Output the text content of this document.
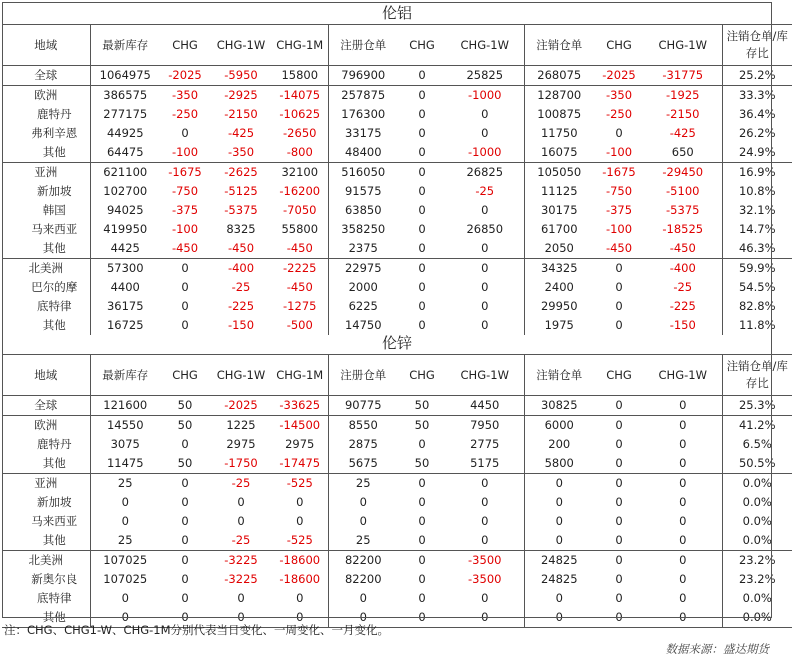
伦铝											
地域	最新库存	CHG	CHG-1W	CHG-1M	注册仓单	CHG	CHG-1W	注销仓单	CHG	CHG-1W	注销仓单/库存比
全球	1064975	-2025	-5950	15800	796900	0	25825	268075	-2025	-31775	25.2%
欧洲	386575	-350	-2925	-14075	257875	0	-1000	128700	-350	-1925	33.3%
鹿特丹	277175	-250	-2150	-10625	176300	0	0	100875	-250	-2150	36.4%
弗利辛恩	44925	0	-425	-2650	33175	0	0	11750	0	-425	26.2%
其他	64475	-100	-350	-800	48400	0	-1000	16075	-100	650	24.9%
亚洲	621100	-1675	-2625	32100	516050	0	26825	105050	-1675	-29450	16.9%
新加坡	102700	-750	-5125	-16200	91575	0	-25	11125	-750	-5100	10.8%
韩国	94025	-375	-5375	-7050	63850	0	0	30175	-375	-5375	32.1%
马来西亚	419950	-100	8325	55800	358250	0	26850	61700	-100	-18525	14.7%
其他	4425	-450	-450	-450	2375	0	0	2050	-450	-450	46.3%
北美洲	57300	0	-400	-2225	22975	0	0	34325	0	-400	59.9%
巴尔的摩	4400	0	-25	-450	2000	0	0	2400	0	-25	54.5%
底特律	36175	0	-225	-1275	6225	0	0	29950	0	-225	82.8%
其他	16725	0	-150	-500	14750	0	0	1975	0	-150	11.8%
伦锌											
地域	最新库存	CHG	CHG-1W	CHG-1M	注册仓单	CHG	CHG-1W	注销仓单	CHG	CHG-1W	注销仓单/库存比
全球	121600	50	-2025	-33625	90775	50	4450	30825	0	0	25.3%
欧洲	14550	50	1225	-14500	8550	50	7950	6000	0	0	41.2%
鹿特丹	3075	0	2975	2975	2875	0	2775	200	0	0	6.5%
其他	11475	50	-1750	-17475	5675	50	5175	5800	0	0	50.5%
亚洲	25	0	-25	-525	25	0	0	0	0	0	0.0%
新加坡	0	0	0	0	0	0	0	0	0	0	0.0%
马来西亚	0	0	0	0	0	0	0	0	0	0	0.0%
其他	25	0	-25	-525	25	0	0	0	0	0	0.0%
北美洲	107025	0	-3225	-18600	82200	0	-3500	24825	0	0	23.2%
新奥尔良	107025	0	-3225	-18600	82200	0	-3500	24825	0	0	23.2%
底特律	0	0	0	0	0	0	0	0	0	0	0.0%
其他	0	0	0	0	0	0	0	0	0	0	0.0%
注：CHG、CHG1-W、CHG-1M分别代表当日变化、一周变化、一月变化。
数据来源：盛达期货
